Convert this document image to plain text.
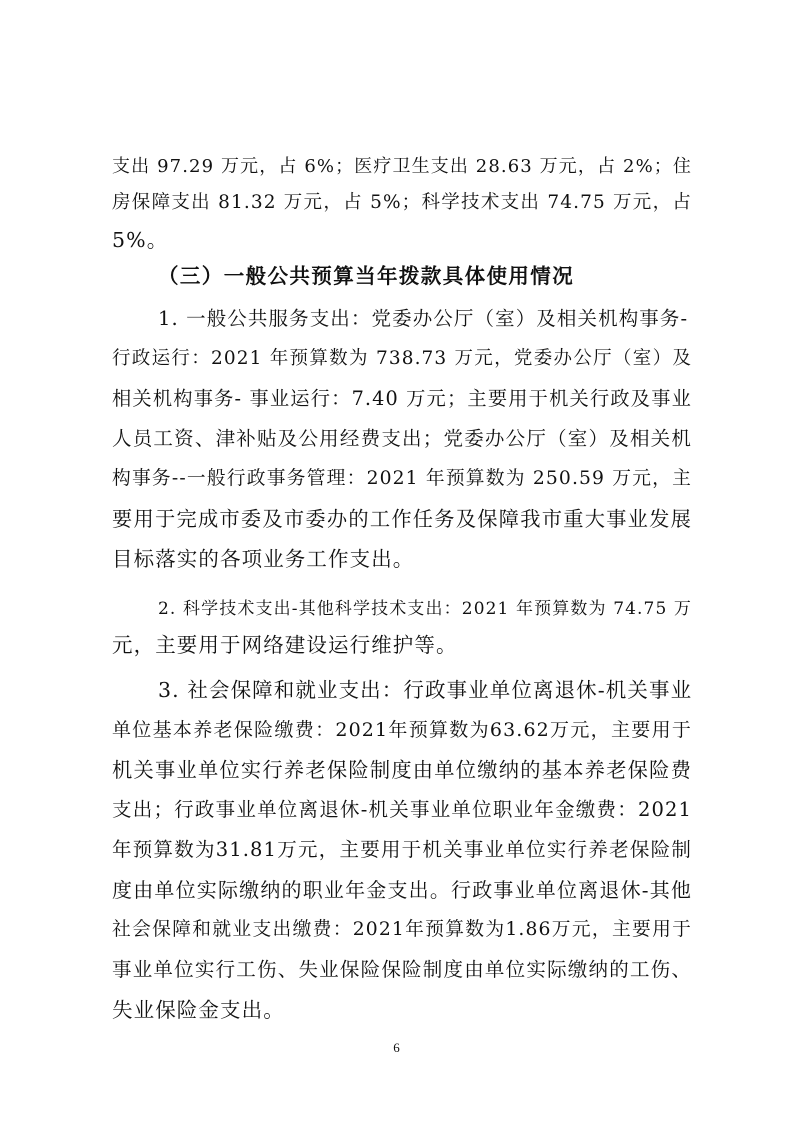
支出 97.29 万元，占 6%；医疗卫生支出 28.63 万元，占 2%；住
房保障支出 81.32 万元，占 5%；科学技术支出 74.75 万元，占
5%。
（三）一般公共预算当年拨款具体使用情况
1. 一般公共服务支出：党委办公厅（室）及相关机构事务-
行政运行：2021 年预算数为 738.73 万元，党委办公厅（室）及
相关机构事务- 事业运行：7.40 万元；主要用于机关行政及事业
人员工资、津补贴及公用经费支出；党委办公厅（室）及相关机
构事务--一般行政事务管理：2021 年预算数为 250.59 万元，主
要用于完成市委及市委办的工作任务及保障我市重大事业发展
目标落实的各项业务工作支出。
2. 科学技术支出-其他科学技术支出：2021 年预算数为 74.75 万
元，主要用于网络建设运行维护等。
3. 社会保障和就业支出：行政事业单位离退休-机关事业
单位基本养老保险缴费：2021年预算数为63.62万元，主要用于
机关事业单位实行养老保险制度由单位缴纳的基本养老保险费
支出；行政事业单位离退休-机关事业单位职业年金缴费：2021
年预算数为31.81万元，主要用于机关事业单位实行养老保险制
度由单位实际缴纳的职业年金支出。行政事业单位离退休-其他
社会保障和就业支出缴费：2021年预算数为1.86万元，主要用于
事业单位实行工伤、失业保险保险制度由单位实际缴纳的工伤、
失业保险金支出。
6
